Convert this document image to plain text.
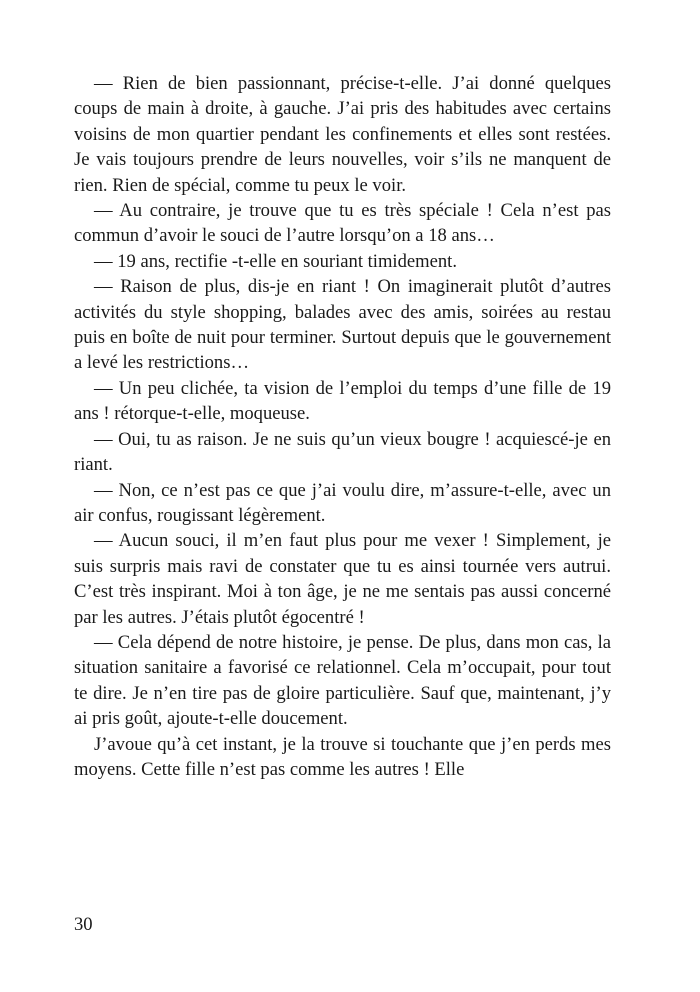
— Rien de bien passionnant, précise-t-elle. J’ai donné quelques coups de main à droite, à gauche. J’ai pris des habitudes avec certains voisins de mon quartier pendant les confinements et elles sont restées. Je vais toujours prendre de leurs nouvelles, voir s’ils ne manquent de rien. Rien de spécial, comme tu peux le voir.

— Au contraire, je trouve que tu es très spéciale ! Cela n’est pas commun d’avoir le souci de l’autre lorsqu’on a 18 ans…

— 19 ans, rectifie -t-elle en souriant timidement.

— Raison de plus, dis-je en riant ! On imaginerait plutôt d’autres activités du style shopping, balades avec des amis, soirées au restau puis en boîte de nuit pour terminer. Surtout depuis que le gouvernement a levé les restrictions…

— Un peu clichée, ta vision de l’emploi du temps d’une fille de 19 ans ! rétorque-t-elle, moqueuse.

— Oui, tu as raison. Je ne suis qu’un vieux bougre ! acquiescé-je en riant.

— Non, ce n’est pas ce que j’ai voulu dire, m’assure-t-elle, avec un air confus, rougissant légèrement.

— Aucun souci, il m’en faut plus pour me vexer ! Simplement, je suis surpris mais ravi de constater que tu es ainsi tournée vers autrui. C’est très inspirant. Moi à ton âge, je ne me sentais pas aussi concerné par les autres. J’étais plutôt égocentré !

— Cela dépend de notre histoire, je pense. De plus, dans mon cas, la situation sanitaire a favorisé ce relationnel. Cela m’occupait, pour tout te dire. Je n’en tire pas de gloire particulière. Sauf que, maintenant, j’y ai pris goût, ajoute-t-elle doucement.

J’avoue qu’à cet instant, je la trouve si touchante que j’en perds mes moyens. Cette fille n’est pas comme les autres ! Elle

30
